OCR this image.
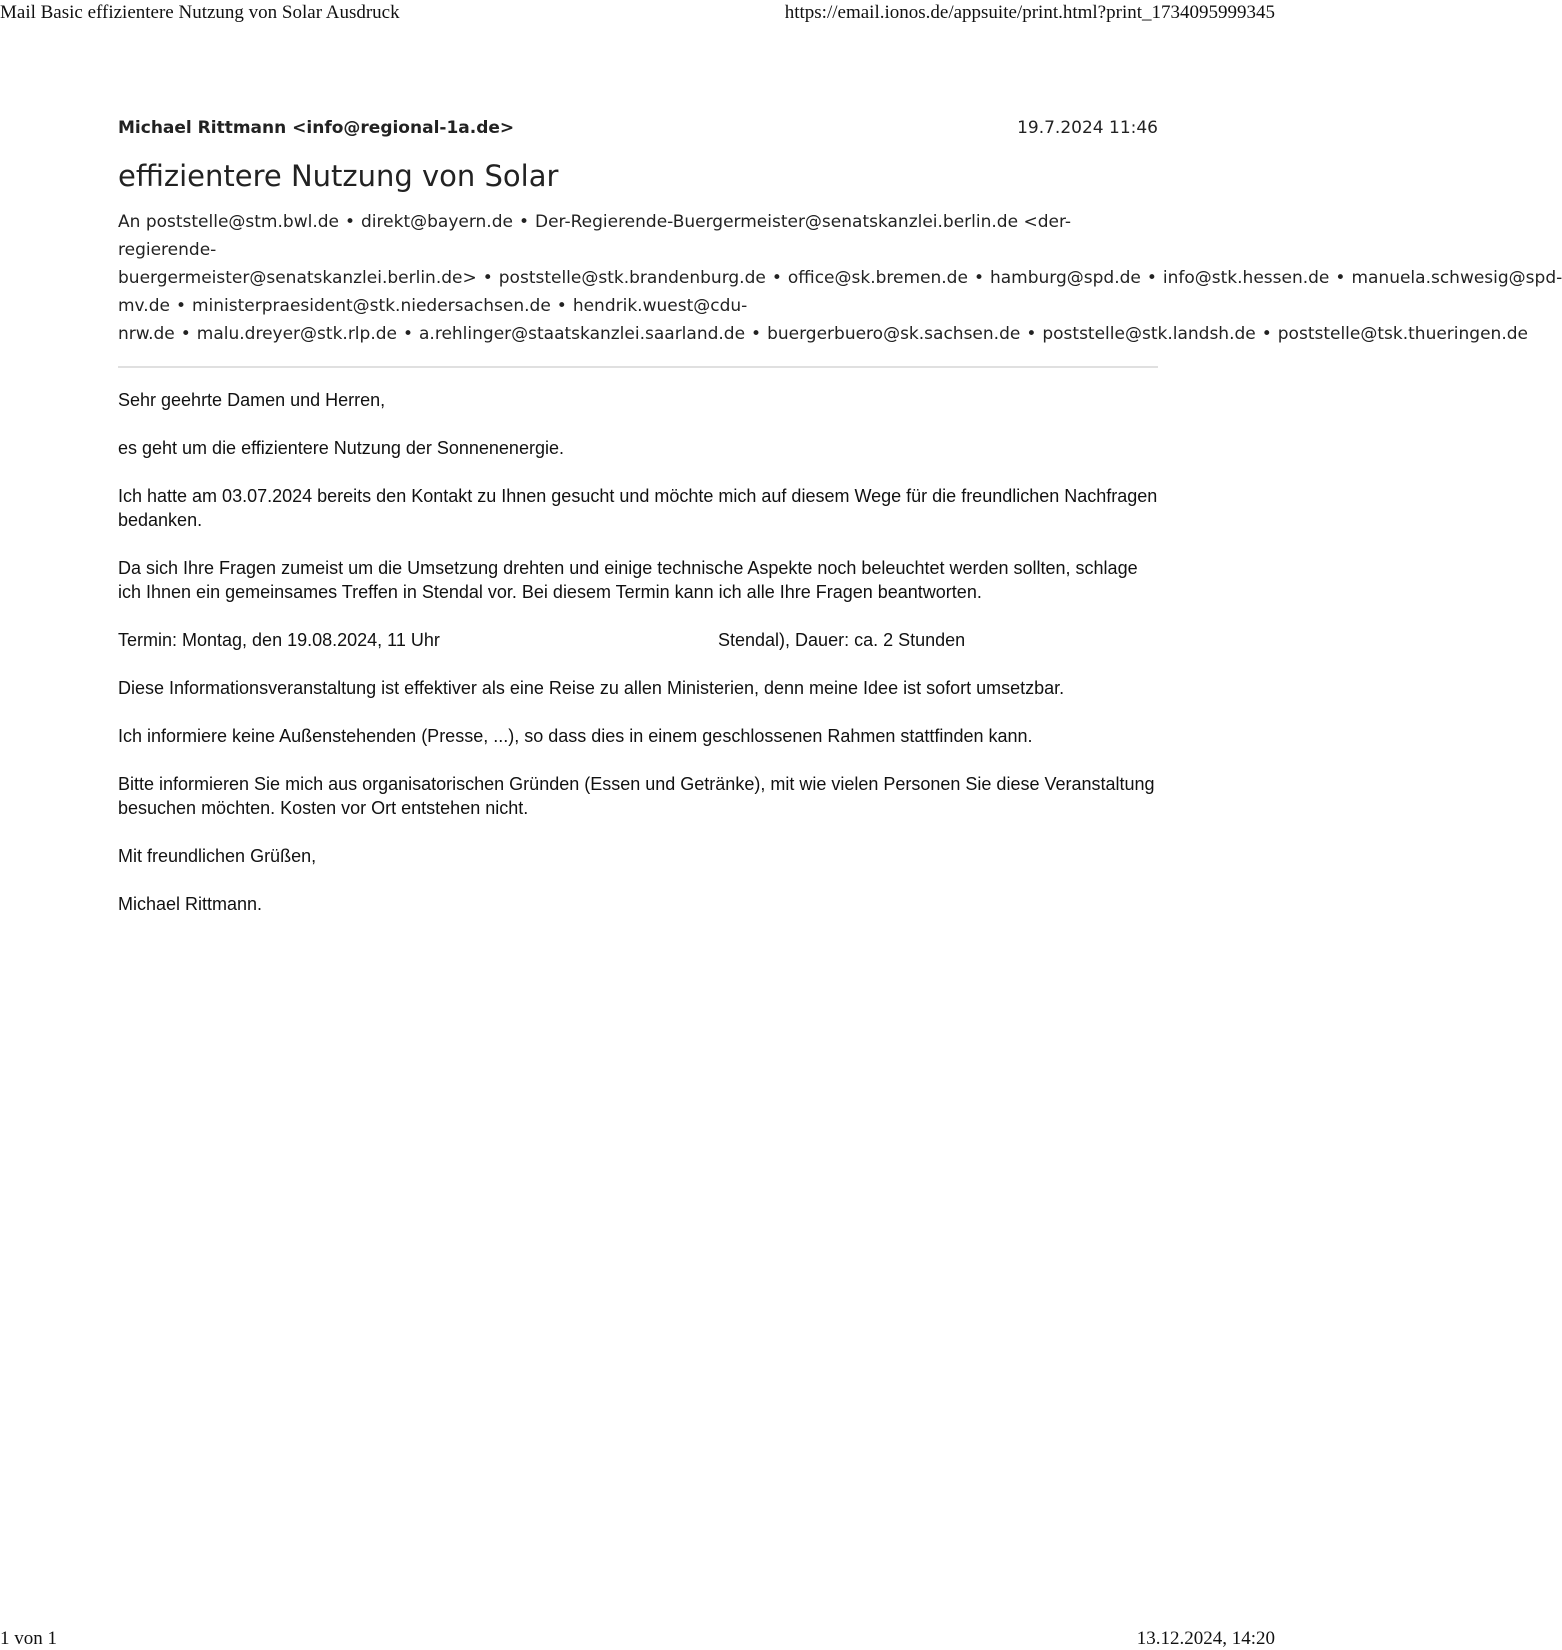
Mail Basic effizientere Nutzung von Solar Ausdruck	https://email.ionos.de/appsuite/print.html?print_1734095999345
Michael Rittmann <info@regional-1a.de>	19.7.2024 11:46
effizientere Nutzung von Solar

An poststelle@stm.bwl.de • direkt@bayern.de • Der-Regierende-Buergermeister@senatskanzlei.berlin.de <der-regierende-buergermeister@senatskanzlei.berlin.de> • poststelle@stk.brandenburg.de • office@sk.bremen.de • hamburg@spd.de • info@stk.hessen.de • manuela.schwesig@spd-mv.de • ministerpraesident@stk.niedersachsen.de • hendrik.wuest@cdu-nrw.de • malu.dreyer@stk.rlp.de • a.rehlinger@staatskanzlei.saarland.de • buergerbuero@sk.sachsen.de • poststelle@stk.landsh.de • poststelle@tsk.thueringen.de

Sehr geehrte Damen und Herren,

es geht um die effizientere Nutzung der Sonnenenergie.

Ich hatte am 03.07.2024 bereits den Kontakt zu Ihnen gesucht und möchte mich auf diesem Wege für die freundlichen Nachfragen bedanken.

Da sich Ihre Fragen zumeist um die Umsetzung drehten und einige technische Aspekte noch beleuchtet werden sollten, schlage ich Ihnen ein gemeinsames Treffen in Stendal vor. Bei diesem Termin kann ich alle Ihre Fragen beantworten.

Termin: Montag, den 19.08.2024, 11 Uhr	Stendal), Dauer: ca. 2 Stunden

Diese Informationsveranstaltung ist effektiver als eine Reise zu allen Ministerien, denn meine Idee ist sofort umsetzbar.

Ich informiere keine Außenstehenden (Presse, ...), so dass dies in einem geschlossenen Rahmen stattfinden kann.

Bitte informieren Sie mich aus organisatorischen Gründen (Essen und Getränke), mit wie vielen Personen Sie diese Veranstaltung besuchen möchten. Kosten vor Ort entstehen nicht.

Mit freundlichen Grüßen,

Michael Rittmann.

1 von 1	13.12.2024, 14:20
